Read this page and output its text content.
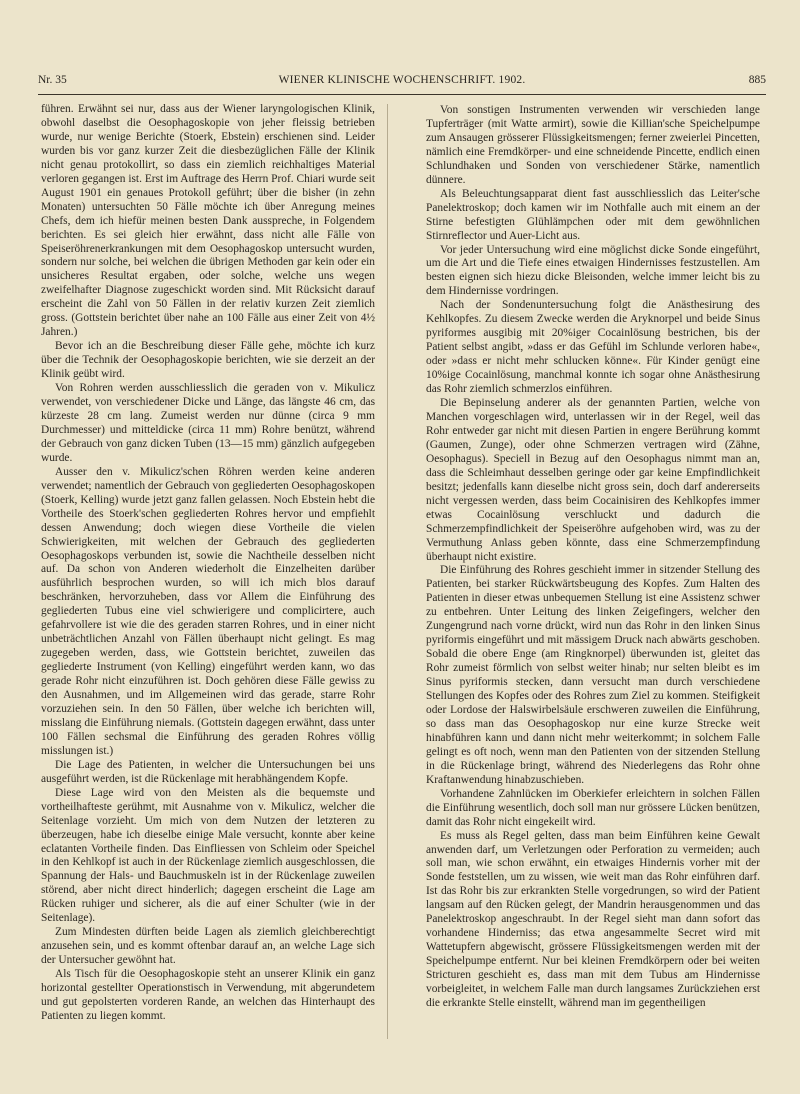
Nr. 35	WIENER KLINISCHE WOCHENSCHRIFT. 1902.	885

führen. Erwähnt sei nur, dass aus der Wiener laryngologischen Klinik, obwohl daselbst die Oesophagoskopie von jeher fleissig betrieben wurde, nur wenige Berichte (Stoerk, Ebstein) erschienen sind. Leider wurden bis vor ganz kurzer Zeit die diesbezüglichen Fälle der Klinik nicht genau protokollirt, so dass ein ziemlich reichhaltiges Material verloren gegangen ist. Erst im Auftrage des Herrn Prof. Chiari wurde seit August 1901 ein genaues Protokoll geführt; über die bisher (in zehn Monaten) untersuchten 50 Fälle möchte ich über Anregung meines Chefs, dem ich hiefür meinen besten Dank ausspreche, in Folgendem berichten. Es sei gleich hier erwähnt, dass nicht alle Fälle von Speiseröhrenerkrankungen mit dem Oesophagoskop untersucht wurden, sondern nur solche, bei welchen die übrigen Methoden gar kein oder ein unsicheres Resultat ergaben, oder solche, welche uns wegen zweifelhafter Diagnose zugeschickt worden sind. Mit Rücksicht darauf erscheint die Zahl von 50 Fällen in der relativ kurzen Zeit ziemlich gross. (Gottstein berichtet über nahe an 100 Fälle aus einer Zeit von 4½ Jahren.)

Bevor ich an die Beschreibung dieser Fälle gehe, möchte ich kurz über die Technik der Oesophagoskopie berichten, wie sie derzeit an der Klinik geübt wird.

Von Rohren werden ausschliesslich die geraden von v. Mikulicz verwendet, von verschiedener Dicke und Länge, das längste 46 cm, das kürzeste 28 cm lang. Zumeist werden nur dünne (circa 9 mm Durchmesser) und mitteldicke (circa 11 mm) Rohre benützt, während der Gebrauch von ganz dicken Tuben (13—15 mm) gänzlich aufgegeben wurde.

Ausser den v. Mikulicz'schen Röhren werden keine anderen verwendet; namentlich der Gebrauch von gegliederten Oesophagoskopen (Stoerk, Kelling) wurde jetzt ganz fallen gelassen. Noch Ebstein hebt die Vortheile des Stoerk'schen gegliederten Rohres hervor und empfiehlt dessen Anwendung; doch wiegen diese Vortheile die vielen Schwierigkeiten, mit welchen der Gebrauch des gegliederten Oesophagoskops verbunden ist, sowie die Nachtheile desselben nicht auf. Da schon von Anderen wiederholt die Einzelheiten darüber ausführlich besprochen wurden, so will ich mich blos darauf beschränken, hervorzuheben, dass vor Allem die Einführung des gegliederten Tubus eine viel schwierigere und complicirtere, auch gefahrvollere ist wie die des geraden starren Rohres, und in einer nicht unbeträchtlichen Anzahl von Fällen überhaupt nicht gelingt. Es mag zugegeben werden, dass, wie Gottstein berichtet, zuweilen das gegliederte Instrument (von Kelling) eingeführt werden kann, wo das gerade Rohr nicht einzuführen ist. Doch gehören diese Fälle gewiss zu den Ausnahmen, und im Allgemeinen wird das gerade, starre Rohr vorzuziehen sein. In den 50 Fällen, über welche ich berichten will, misslang die Einführung niemals. (Gottstein dagegen erwähnt, dass unter 100 Fällen sechsmal die Einführung des geraden Rohres völlig misslungen ist.)

Die Lage des Patienten, in welcher die Untersuchungen bei uns ausgeführt werden, ist die Rückenlage mit herabhängendem Kopfe.

Diese Lage wird von den Meisten als die bequemste und vortheilhafteste gerühmt, mit Ausnahme von v. Mikulicz, welcher die Seitenlage vorzieht. Um mich von dem Nutzen der letzteren zu überzeugen, habe ich dieselbe einige Male versucht, konnte aber keine eclatanten Vortheile finden. Das Einfliessen von Schleim oder Speichel in den Kehlkopf ist auch in der Rückenlage ziemlich ausgeschlossen, die Spannung der Hals- und Bauchmuskeln ist in der Rückenlage zuweilen störend, aber nicht direct hinderlich; dagegen erscheint die Lage am Rücken ruhiger und sicherer, als die auf einer Schulter (wie in der Seitenlage).

Zum Mindesten dürften beide Lagen als ziemlich gleichberechtigt anzusehen sein, und es kommt oftenbar darauf an, an welche Lage sich der Untersucher gewöhnt hat.

Als Tisch für die Oesophagoskopie steht an unserer Klinik ein ganz horizontal gestellter Operationstisch in Verwendung, mit abgerundetem und gut gepolsterten vorderen Rande, an welchen das Hinterhaupt des Patienten zu liegen kommt.

Von sonstigen Instrumenten verwenden wir verschieden lange Tupferträger (mit Watte armirt), sowie die Killian'sche Speichelpumpe zum Ansaugen grösserer Flüssigkeitsmengen; ferner zweierlei Pincetten, nämlich eine Fremdkörper- und eine schneidende Pincette, endlich einen Schlundhaken und Sonden von verschiedener Stärke, namentlich dünnere.

Als Beleuchtungsapparat dient fast ausschliesslich das Leiter'sche Panelektroskop; doch kamen wir im Nothfalle auch mit einem an der Stirne befestigten Glühlämpchen oder mit dem gewöhnlichen Stirnreflector und Auer-Licht aus.

Vor jeder Untersuchung wird eine möglichst dicke Sonde eingeführt, um die Art und die Tiefe eines etwaigen Hindernisses festzustellen. Am besten eignen sich hiezu dicke Bleisonden, welche immer leicht bis zu dem Hindernisse vordringen.

Nach der Sondenuntersuchung folgt die Anästhesirung des Kehlkopfes. Zu diesem Zwecke werden die Aryknorpel und beide Sinus pyriformes ausgibig mit 20%iger Cocainlösung bestrichen, bis der Patient selbst angibt, »dass er das Gefühl im Schlunde verloren habe«, oder »dass er nicht mehr schlucken könne«. Für Kinder genügt eine 10%ige Cocainlösung, manchmal konnte ich sogar ohne Anästhesirung das Rohr ziemlich schmerzlos einführen.

Die Bepinselung anderer als der genannten Partien, welche von Manchen vorgeschlagen wird, unterlassen wir in der Regel, weil das Rohr entweder gar nicht mit diesen Partien in engere Berührung kommt (Gaumen, Zunge), oder ohne Schmerzen vertragen wird (Zähne, Oesophagus). Speciell in Bezug auf den Oesophagus nimmt man an, dass die Schleimhaut desselben geringe oder gar keine Empfindlichkeit besitzt; jedenfalls kann dieselbe nicht gross sein, doch darf andererseits nicht vergessen werden, dass beim Cocainisiren des Kehlkopfes immer etwas Cocainlösung verschluckt und dadurch die Schmerzempfindlichkeit der Speiseröhre aufgehoben wird, was zu der Vermuthung Anlass geben könnte, dass eine Schmerzempfindung überhaupt nicht existire.

Die Einführung des Rohres geschieht immer in sitzender Stellung des Patienten, bei starker Rückwärtsbeugung des Kopfes. Zum Halten des Patienten in dieser etwas unbequemen Stellung ist eine Assistenz schwer zu entbehren. Unter Leitung des linken Zeigefingers, welcher den Zungengrund nach vorne drückt, wird nun das Rohr in den linken Sinus pyriformis eingeführt und mit mässigem Druck nach abwärts geschoben. Sobald die obere Enge (am Ringknorpel) überwunden ist, gleitet das Rohr zumeist förmlich von selbst weiter hinab; nur selten bleibt es im Sinus pyriformis stecken, dann versucht man durch verschiedene Stellungen des Kopfes oder des Rohres zum Ziel zu kommen. Steifigkeit oder Lordose der Halswirbelsäule erschweren zuweilen die Einführung, so dass man das Oesophagoskop nur eine kurze Strecke weit hinabführen kann und dann nicht mehr weiterkommt; in solchem Falle gelingt es oft noch, wenn man den Patienten von der sitzenden Stellung in die Rückenlage bringt, während des Niederlegens das Rohr ohne Kraftanwendung hinabzuschieben.

Vorhandene Zahnlücken im Oberkiefer erleichtern in solchen Fällen die Einführung wesentlich, doch soll man nur grössere Lücken benützen, damit das Rohr nicht eingekeilt wird.

Es muss als Regel gelten, dass man beim Einführen keine Gewalt anwenden darf, um Verletzungen oder Perforation zu vermeiden; auch soll man, wie schon erwähnt, ein etwaiges Hindernis vorher mit der Sonde feststellen, um zu wissen, wie weit man das Rohr einführen darf. Ist das Rohr bis zur erkrankten Stelle vorgedrungen, so wird der Patient langsam auf den Rücken gelegt, der Mandrin herausgenommen und das Panelektroskop angeschraubt. In der Regel sieht man dann sofort das vorhandene Hinderniss; das etwa angesammelte Secret wird mit Wattetupfern abgewischt, grössere Flüssigkeitsmengen werden mit der Speichelpumpe entfernt. Nur bei kleinen Fremdkörpern oder bei weiten Stricturen geschieht es, dass man mit dem Tubus am Hindernisse vorbeigleitet, in welchem Falle man durch langsames Zurückziehen erst die erkrankte Stelle einstellt, während man im gegentheiligen
